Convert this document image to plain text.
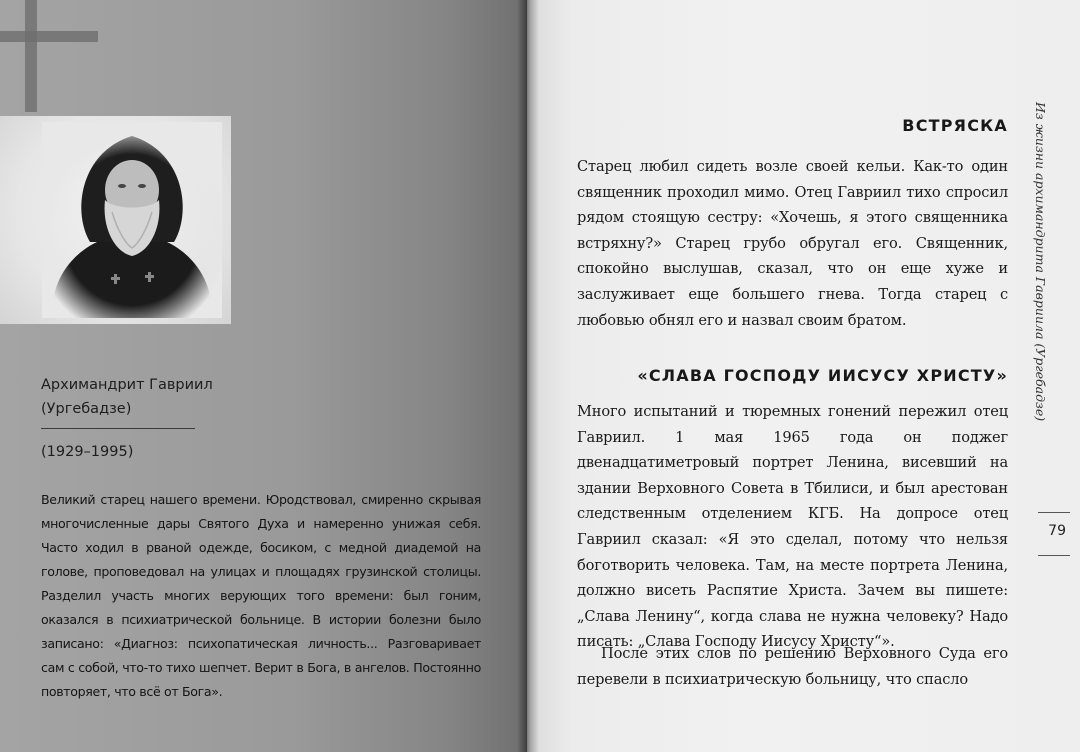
Архимандрит Гавриил
(Ургебадзе)
(1929–1995)

Великий старец нашего времени. Юродствовал, смиренно скрывая многочисленные дары Святого Духа и намеренно унижая себя. Часто ходил в рваной одежде, босиком, с медной диадемой на голове, проповедовал на улицах и площадях грузинской столицы. Разделил участь многих верующих того времени: был гоним, оказался в психиатрической больнице. В истории болезни было записано: «Диагноз: психопатическая личность... Разговаривает сам с собой, что-то тихо шепчет. Верит в Бога, в ангелов. Постоянно повторяет, что всё от Бога».

79
Из жизни архимандрита Гавриила (Ургебадзе)
ВСТРЯСКА

Старец любил сидеть возле своей кельи. Как-то один священник проходил мимо. Отец Гавриил тихо спросил рядом стоящую сестру: «Хочешь, я этого священника встряхну?» Старец грубо обругал его. Священник, спокойно выслушав, сказал, что он еще хуже и заслуживает еще большего гнева. Тогда старец с любовью обнял его и назвал своим братом.

«СЛАВА ГОСПОДУ ИИСУСУ ХРИСТУ»

Много испытаний и тюремных гонений пережил отец Гавриил. 1 мая 1965 года он поджег двенадцатиметровый портрет Ленина, висевший на здании Верховного Совета в Тбилиси, и был арестован следственным отделением КГБ. На допросе отец Гавриил сказал: «Я это сделал, потому что нельзя боготворить человека. Там, на месте портрета Ленина, должно висеть Распятие Христа. Зачем вы пишете: „Слава Ленину“, когда слава не нужна человеку? Надо писать: „Слава Господу Иисусу Христу“».

После этих слов по решению Верховного Суда его перевели в психиатрическую больницу, что спасло
